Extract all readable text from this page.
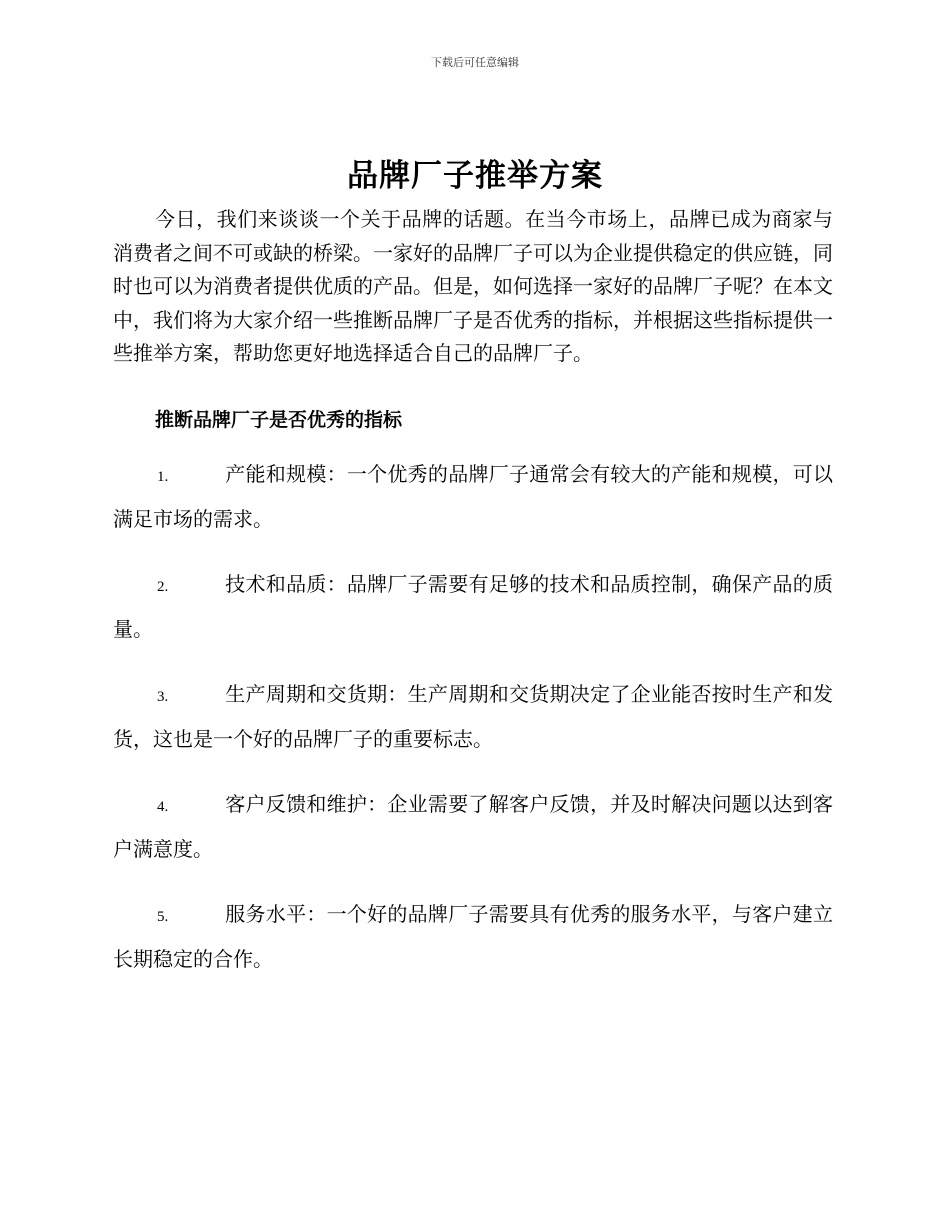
下载后可任意编辑
品牌厂子推举方案

今日，我们来谈谈一个关于品牌的话题。在当今市场上，品牌已成为商家与消费者之间不可或缺的桥梁。一家好的品牌厂子可以为企业提供稳定的供应链，同时也可以为消费者提供优质的产品。但是，如何选择一家好的品牌厂子呢？在本文中，我们将为大家介绍一些推断品牌厂子是否优秀的指标，并根据这些指标提供一些推举方案，帮助您更好地选择适合自己的品牌厂子。

推断品牌厂子是否优秀的指标

1.	产能和规模：一个优秀的品牌厂子通常会有较大的产能和规模，可以满足市场的需求。
2.	技术和品质：品牌厂子需要有足够的技术和品质控制，确保产品的质量。
3.	生产周期和交货期：生产周期和交货期决定了企业能否按时生产和发货，这也是一个好的品牌厂子的重要标志。
4.	客户反馈和维护：企业需要了解客户反馈，并及时解决问题以达到客户满意度。
5.	服务水平：一个好的品牌厂子需要具有优秀的服务水平，与客户建立长期稳定的合作。
